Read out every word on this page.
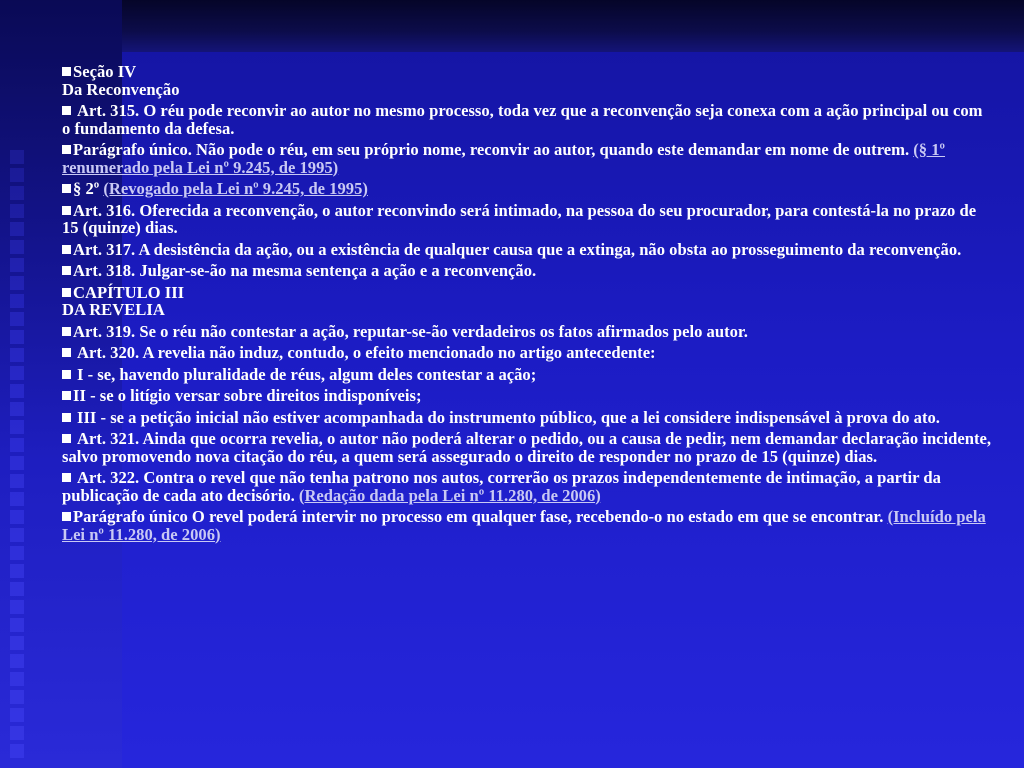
Seção IV
Da Reconvenção

Art. 315. O réu pode reconvir ao autor no mesmo processo, toda vez que a reconvenção seja conexa com a ação principal ou com o fundamento da defesa.

Parágrafo único. Não pode o réu, em seu próprio nome, reconvir ao autor, quando este demandar em nome de outrem. (§ 1º renumerado pela Lei nº 9.245, de 1995)

§ 2º (Revogado pela Lei nº 9.245, de 1995)

Art. 316. Oferecida a reconvenção, o autor reconvindo será intimado, na pessoa do seu procurador, para contestá-la no prazo de 15 (quinze) dias.

Art. 317. A desistência da ação, ou a existência de qualquer causa que a extinga, não obsta ao prosseguimento da reconvenção.

Art. 318. Julgar-se-ão na mesma sentença a ação e a reconvenção.

CAPÍTULO III
DA REVELIA

Art. 319. Se o réu não contestar a ação, reputar-se-ão verdadeiros os fatos afirmados pelo autor.

Art. 320. A revelia não induz, contudo, o efeito mencionado no artigo antecedente:

I - se, havendo pluralidade de réus, algum deles contestar a ação;

II - se o litígio versar sobre direitos indisponíveis;

III - se a petição inicial não estiver acompanhada do instrumento público, que a lei considere indispensável à prova do ato.

Art. 321. Ainda que ocorra revelia, o autor não poderá alterar o pedido, ou a causa de pedir, nem demandar declaração incidente, salvo promovendo nova citação do réu, a quem será assegurado o direito de responder no prazo de 15 (quinze) dias.

Art. 322. Contra o revel que não tenha patrono nos autos, correrão os prazos independentemente de intimação, a partir da publicação de cada ato decisório. (Redação dada pela Lei nº 11.280, de 2006)

Parágrafo único O revel poderá intervir no processo em qualquer fase, recebendo-o no estado em que se encontrar. (Incluído pela Lei nº 11.280, de 2006)
